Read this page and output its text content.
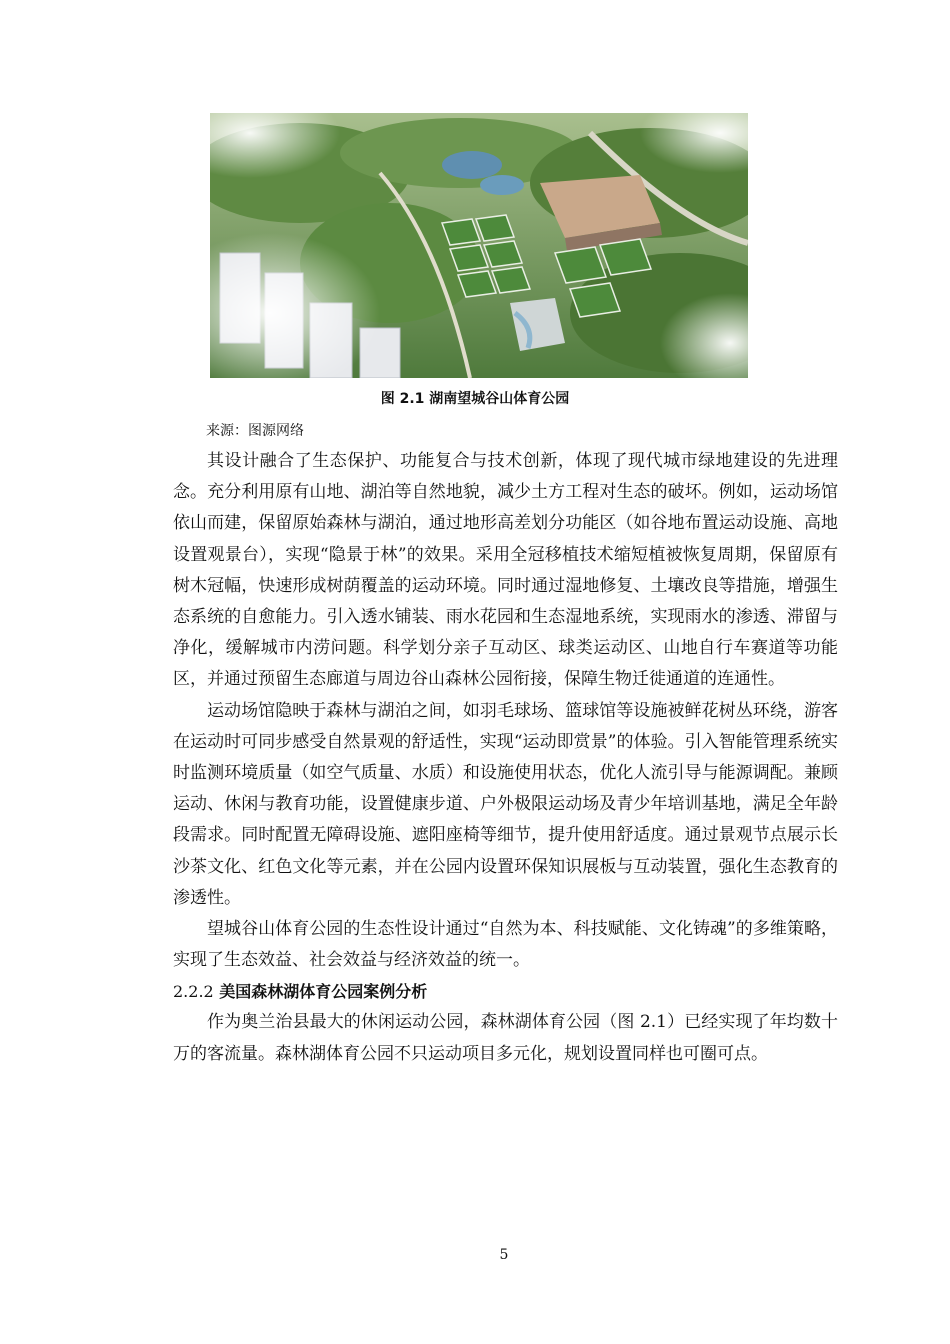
图 2.1 湖南望城谷山体育公园
来源：图源网络

其设计融合了生态保护、功能复合与技术创新，体现了现代城市绿地建设的先进理念。充分利用原有山地、湖泊等自然地貌，减少土方工程对生态的破坏。例如，运动场馆依山而建，保留原始森林与湖泊，通过地形高差划分功能区（如谷地布置运动设施、高地设置观景台），实现“隐景于林”的效果。采用全冠移植技术缩短植被恢复周期，保留原有树木冠幅，快速形成树荫覆盖的运动环境。同时通过湿地修复、土壤改良等措施，增强生态系统的自愈能力。引入透水铺装、雨水花园和生态湿地系统，实现雨水的渗透、滞留与净化，缓解城市内涝问题。科学划分亲子互动区、球类运动区、山地自行车赛道等功能区，并通过预留生态廊道与周边谷山森林公园衔接，保障生物迁徙通道的连通性。

运动场馆隐映于森林与湖泊之间，如羽毛球场、篮球馆等设施被鲜花树丛环绕，游客在运动时可同步感受自然景观的舒适性，实现“运动即赏景”的体验。引入智能管理系统实时监测环境质量（如空气质量、水质）和设施使用状态，优化人流引导与能源调配。兼顾运动、休闲与教育功能，设置健康步道、户外极限运动场及青少年培训基地，满足全年龄段需求。同时配置无障碍设施、遮阳座椅等细节，提升使用舒适度。通过景观节点展示长沙茶文化、红色文化等元素，并在公园内设置环保知识展板与互动装置，强化生态教育的渗透性。

望城谷山体育公园的生态性设计通过“自然为本、科技赋能、文化铸魂”的多维策略，实现了生态效益、社会效益与经济效益的统一。

2.2.2 美国森林湖体育公园案例分析

作为奥兰治县最大的休闲运动公园，森林湖体育公园（图 2.1）已经实现了年均数十万的客流量。森林湖体育公园不只运动项目多元化，规划设置同样也可圈可点。

5
